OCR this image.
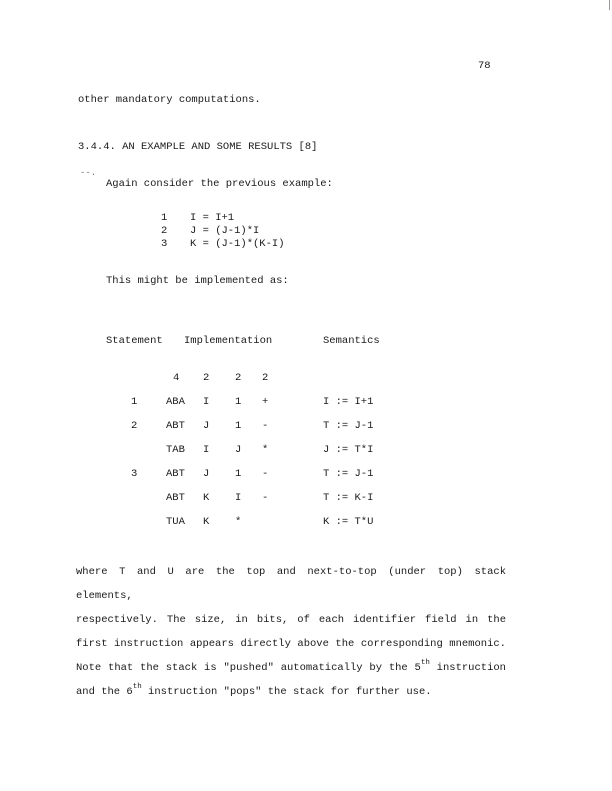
78
other mandatory computations.
3.4.4. AN EXAMPLE AND SOME RESULTS [8]
--.
Again consider the previous example:
1	I = I+1
2	J = (J-1)*I
3	K = (J-1)*(K-I)
This might be implemented as:
Statement Implementation	Semantics
4 2 2 2
1	ABA I 1 +	I := I+1
2	ABT J 1 -	T := J-1
TAB I J *	J := T*I
3	ABT J 1 -	T := J-1
ABT K I -	T := K-I
TUA K *	K := T*U

where T and U are the top and next-to-top (under top) stack elements,

respectively. The size, in bits, of each identifier field in the

first instruction appears directly above the corresponding mnemonic.

Note that the stack is "pushed" automatically by the 5th instruction

and the 6th instruction "pops" the stack for further use.
